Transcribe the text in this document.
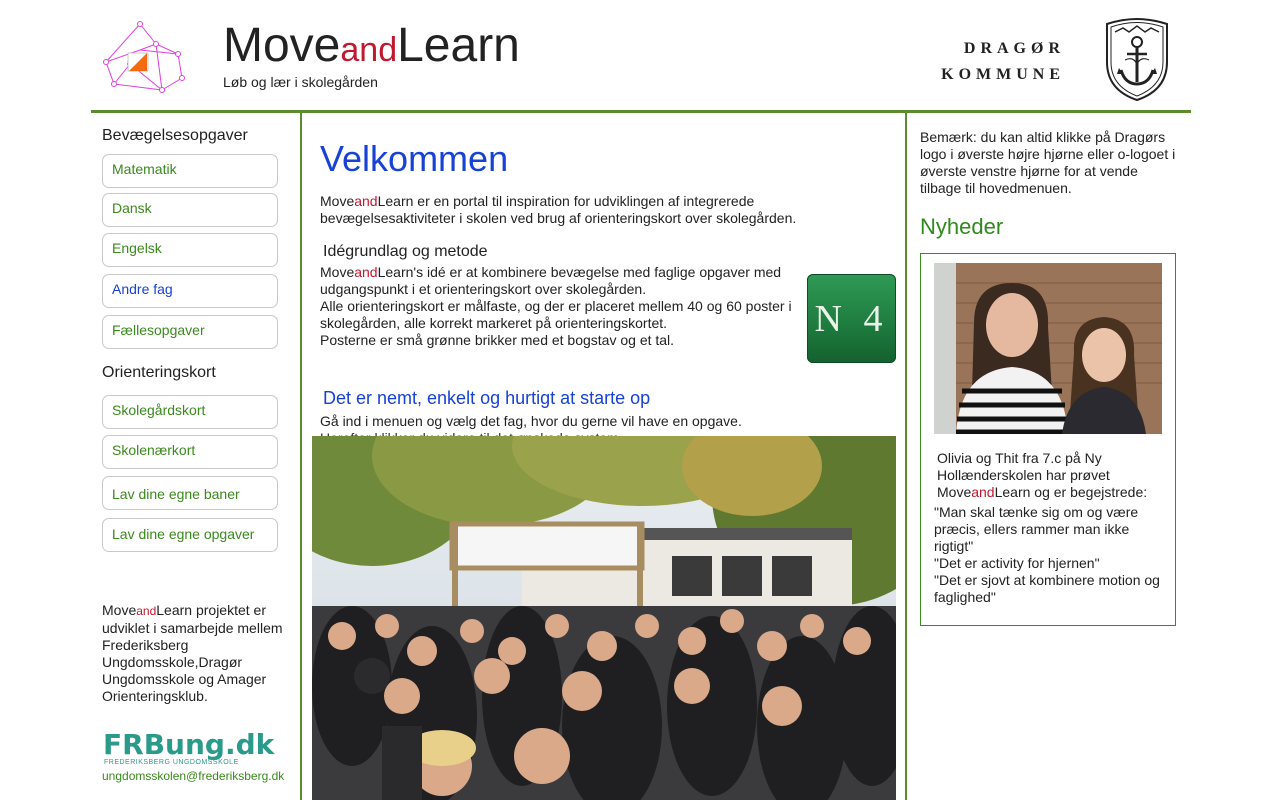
MoveandLearn
Løb og lær i skolegården
DRAGØR
KOMMUNE
Bevægelsesopgaver
Matematik
Dansk
Engelsk
Andre fag
Fællesopgaver
Orienteringskort
Skolegårdskort
Skolenærkort
Lav dine egne baner
Lav dine egne opgaver
MoveandLearn projektet er udviklet i samarbejde mellem Frederiksberg Ungdomsskole,Dragør Ungdomsskole og Amager Orienteringsklub.
FRBung.dk
FREDERIKSBERG UNGDOMSSKOLE
ungdomsskolen@frederiksberg.dk
Velkommen
MoveandLearn er en portal til inspiration for udviklingen af integrerede bevægelsesaktiviteter i skolen ved brug af orienteringskort over skolegården.
Idégrundlag og metode
MoveandLearn's idé er at kombinere bevægelse med faglige opgaver med udgangspunkt i et orienteringskort over skolegården.
Alle orienteringskort er målfaste, og der er placeret mellem 40 og 60 poster i skolegården, alle korrekt markeret på orienteringskortet.
Posterne er små grønne brikker med et bogstav og et tal.
N 4
Det er nemt, enkelt og hurtigt at starte op
Gå ind i menuen og vælg det fag, hvor du gerne vil have en opgave.
Bemærk: du kan altid klikke på Dragørs logo i øverste højre hjørne eller o-logoet i øverste venstre hjørne for at vende tilbage til hovedmenuen.
Nyheder
Olivia og Thit fra 7.c på Ny Hollænderskolen har prøvet MoveandLearn og er begejstrede:
"Man skal tænke sig om og være præcis, ellers rammer man ikke rigtigt"
"Det er activity for hjernen"
"Det er sjovt at kombinere motion og faglighed"
